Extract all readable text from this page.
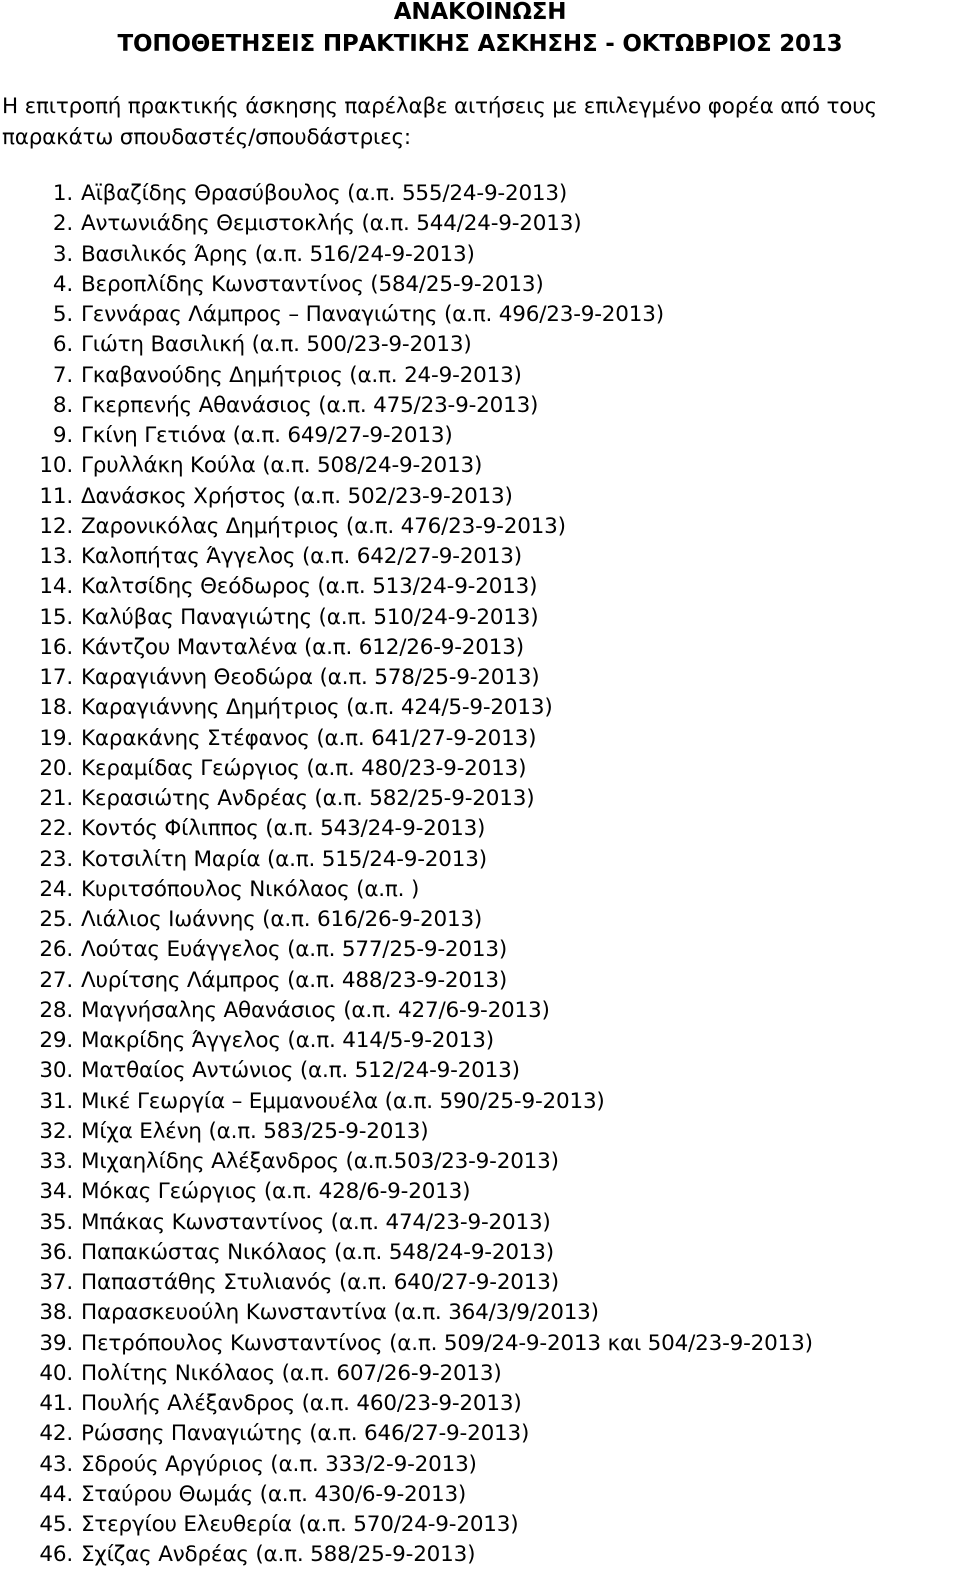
ΑΝΑΚΟΙΝΩΣΗ
ΤΟΠΟΘΕΤΗΣΕΙΣ ΠΡΑΚΤΙΚΗΣ ΑΣΚΗΣΗΣ - ΟΚΤΩΒΡΙΟΣ 2013

Η επιτροπή πρακτικής άσκησης παρέλαβε αιτήσεις με επιλεγμένο φορέα από τους παρακάτω σπουδαστές/σπουδάστριες:

1. Αϊβαζίδης Θρασύβουλος (α.π. 555/24-9-2013)
2. Αντωνιάδης Θεμιστοκλής (α.π. 544/24-9-2013)
3. Βασιλικός Άρης (α.π. 516/24-9-2013)
4. Βεροπλίδης Κωνσταντίνος (584/25-9-2013)
5. Γεννάρας Λάμπρος – Παναγιώτης (α.π. 496/23-9-2013)
6. Γιώτη Βασιλική (α.π. 500/23-9-2013)
7. Γκαβανούδης Δημήτριος (α.π. 24-9-2013)
8. Γκερπενής Αθανάσιος (α.π. 475/23-9-2013)
9. Γκίνη Γετιόνα (α.π. 649/27-9-2013)
10. Γρυλλάκη Κούλα (α.π. 508/24-9-2013)
11. Δανάσκος Χρήστος (α.π. 502/23-9-2013)
12. Ζαρονικόλας Δημήτριος (α.π. 476/23-9-2013)
13. Καλοπήτας Άγγελος (α.π. 642/27-9-2013)
14. Καλτσίδης Θεόδωρος (α.π. 513/24-9-2013)
15. Καλύβας Παναγιώτης (α.π. 510/24-9-2013)
16. Κάντζου Μανταλένα (α.π. 612/26-9-2013)
17. Καραγιάννη Θεοδώρα (α.π. 578/25-9-2013)
18. Καραγιάννης Δημήτριος (α.π. 424/5-9-2013)
19. Καρακάνης Στέφανος (α.π. 641/27-9-2013)
20. Κεραμίδας Γεώργιος (α.π. 480/23-9-2013)
21. Κερασιώτης Ανδρέας (α.π. 582/25-9-2013)
22. Κοντός Φίλιππος (α.π. 543/24-9-2013)
23. Κοτσιλίτη Μαρία (α.π. 515/24-9-2013)
24. Κυριτσόπουλος Νικόλαος (α.π. )
25. Λιάλιος Ιωάννης (α.π. 616/26-9-2013)
26. Λούτας Ευάγγελος (α.π. 577/25-9-2013)
27. Λυρίτσης Λάμπρος (α.π. 488/23-9-2013)
28. Μαγνήσαλης Αθανάσιος (α.π. 427/6-9-2013)
29. Μακρίδης Άγγελος (α.π. 414/5-9-2013)
30. Ματθαίος Αντώνιος (α.π. 512/24-9-2013)
31. Μικέ Γεωργία – Εμμανουέλα (α.π. 590/25-9-2013)
32. Μίχα Ελένη (α.π. 583/25-9-2013)
33. Μιχαηλίδης Αλέξανδρος (α.π.503/23-9-2013)
34. Μόκας Γεώργιος (α.π. 428/6-9-2013)
35. Μπάκας Κωνσταντίνος (α.π. 474/23-9-2013)
36. Παπακώστας Νικόλαος (α.π. 548/24-9-2013)
37. Παπαστάθης Στυλιανός (α.π. 640/27-9-2013)
38. Παρασκευούλη Κωνσταντίνα (α.π. 364/3/9/2013)
39. Πετρόπουλος Κωνσταντίνος (α.π. 509/24-9-2013 και 504/23-9-2013)
40. Πολίτης Νικόλαος (α.π. 607/26-9-2013)
41. Πουλής Αλέξανδρος (α.π. 460/23-9-2013)
42. Ρώσσης Παναγιώτης (α.π. 646/27-9-2013)
43. Σδρούς Αργύριος (α.π. 333/2-9-2013)
44. Σταύρου Θωμάς (α.π. 430/6-9-2013)
45. Στεργίου Ελευθερία (α.π. 570/24-9-2013)
46. Σχίζας Ανδρέας (α.π. 588/25-9-2013)
